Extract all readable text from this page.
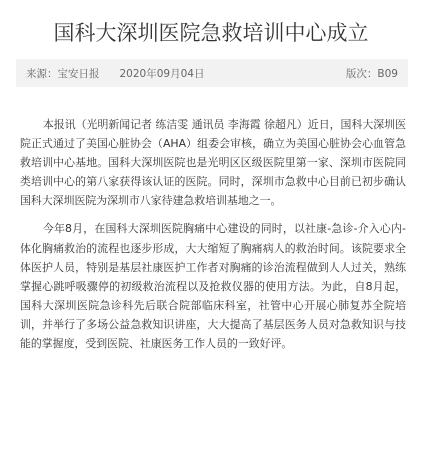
国科大深圳医院急救培训中心成立
来源：宝安日报 2020年09月04日	版次：B09

本报讯（光明新闻记者 练洁雯 通讯员 李海霞 徐超凡）近日，国科大深圳医院正式通过了美国心脏协会（AHA）组委会审核，确立为美国心脏协会心血管急救培训中心基地。国科大深圳医院也是光明区区级医院里第一家、深圳市医院同类培训中心的第八家获得该认证的医院。同时，深圳市急救中心目前已初步确认国科大深圳医院为深圳市八家待建急救培训基地之一。

今年8月，在国科大深圳医院胸痛中心建设的同时，以社康-急诊-介入心内-体化胸痛救治的流程也逐步形成，大大缩短了胸痛病人的救治时间。该院要求全体医护人员，特别是基层社康医护工作者对胸痛的诊治流程做到人人过关，熟练掌握心跳呼吸骤停的初级救治流程以及抢救仪器的使用方法。为此，自8月起，国科大深圳医院急诊科先后联合院部临床科室，社管中心开展心肺复苏全院培训，并举行了多场公益急救知识讲座，大大提高了基层医务人员对急救知识与技能的掌握度，受到医院、社康医务工作人员的一致好评。
